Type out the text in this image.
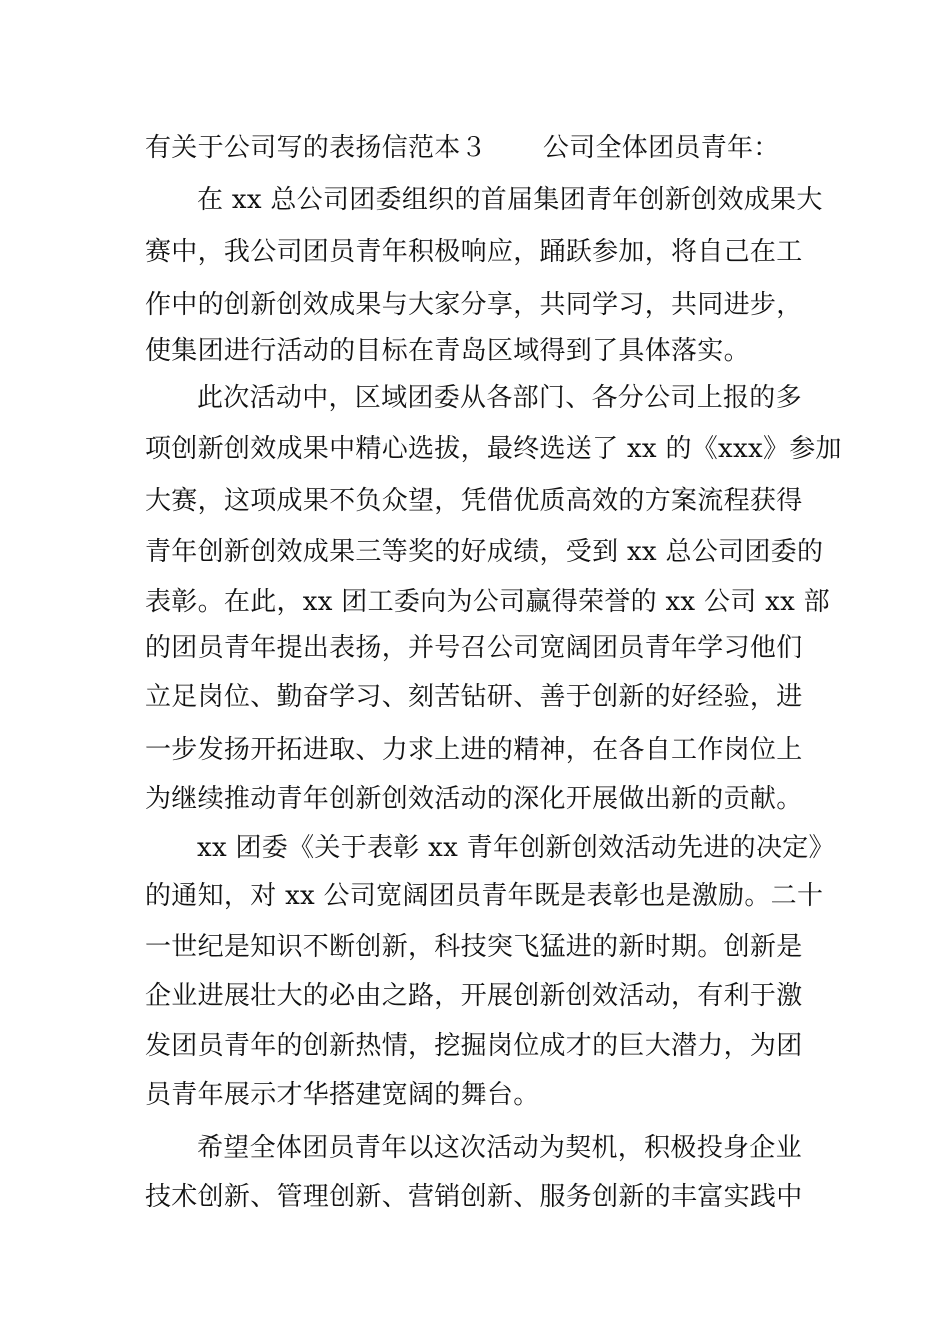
有关于公司写的表扬信范本３ 公司全体团员青年：

在 xx 总公司团委组织的首届集团青年创新创效成果大

赛中，我公司团员青年积极响应，踊跃参加，将自己在工

作中的创新创效成果与大家分享，共同学习，共同进步，

使集团进行活动的目标在青岛区域得到了具体落实。

此次活动中，区域团委从各部门、各分公司上报的多

项创新创效成果中精心选拔，最终选送了 xx 的《xxx》参加

大赛，这项成果不负众望，凭借优质高效的方案流程获得

青年创新创效成果三等奖的好成绩，受到 xx 总公司团委的

表彰。在此，xx 团工委向为公司赢得荣誉的 xx 公司 xx 部

的团员青年提出表扬，并号召公司宽阔团员青年学习他们

立足岗位、勤奋学习、刻苦钻研、善于创新的好经验，进

一步发扬开拓进取、力求上进的精神，在各自工作岗位上

为继续推动青年创新创效活动的深化开展做出新的贡献。

xx 团委《关于表彰 xx 青年创新创效活动先进的决定》

的通知，对 xx 公司宽阔团员青年既是表彰也是激励。二十

一世纪是知识不断创新，科技突飞猛进的新时期。创新是

企业进展壮大的必由之路，开展创新创效活动，有利于激

发团员青年的创新热情，挖掘岗位成才的巨大潜力，为团

员青年展示才华搭建宽阔的舞台。

希望全体团员青年以这次活动为契机，积极投身企业

技术创新、管理创新、营销创新、服务创新的丰富实践中
